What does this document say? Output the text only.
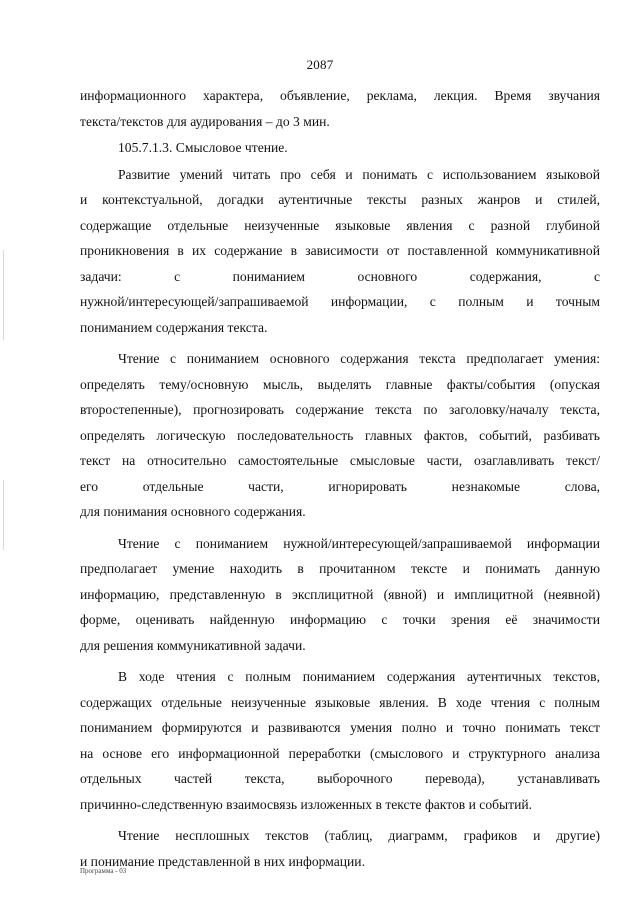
2087
информационного характера, объявление, реклама, лекция. Время звучания
текста/текстов для аудирования – до 3 мин.
105.7.1.3. Смысловое чтение.
Развитие умений читать про себя и понимать с использованием языковой
и контекстуальной, догадки аутентичные тексты разных жанров и стилей,
содержащие отдельные неизученные языковые явления с разной глубиной
проникновения в их содержание в зависимости от поставленной коммуникативной
задачи: с пониманием основного содержания, с
нужной/интересующей/запрашиваемой информации, с полным и точным
пониманием содержания текста.
Чтение с пониманием основного содержания текста предполагает умения:
определять тему/основную мысль, выделять главные факты/события (опуская
второстепенные), прогнозировать содержание текста по заголовку/началу текста,
определять логическую последовательность главных фактов, событий, разбивать
текст на относительно самостоятельные смысловые части, озаглавливать текст/
его отдельные части, игнорировать незнакомые слова,
для понимания основного содержания.
Чтение с пониманием нужной/интересующей/запрашиваемой информации
предполагает умение находить в прочитанном тексте и понимать данную
информацию, представленную в эксплицитной (явной) и имплицитной (неявной)
форме, оценивать найденную информацию с точки зрения её значимости
для решения коммуникативной задачи.
В ходе чтения с полным пониманием содержания аутентичных текстов,
содержащих отдельные неизученные языковые явления. В ходе чтения с полным
пониманием формируются и развиваются умения полно и точно понимать текст
на основе его информационной переработки (смыслового и структурного анализа
отдельных частей текста, выборочного перевода), устанавливать
причинно-следственную взаимосвязь изложенных в тексте фактов и событий.
Чтение несплошных текстов (таблиц, диаграмм, графиков и другие)
и понимание представленной в них информации.
Программа - 03
